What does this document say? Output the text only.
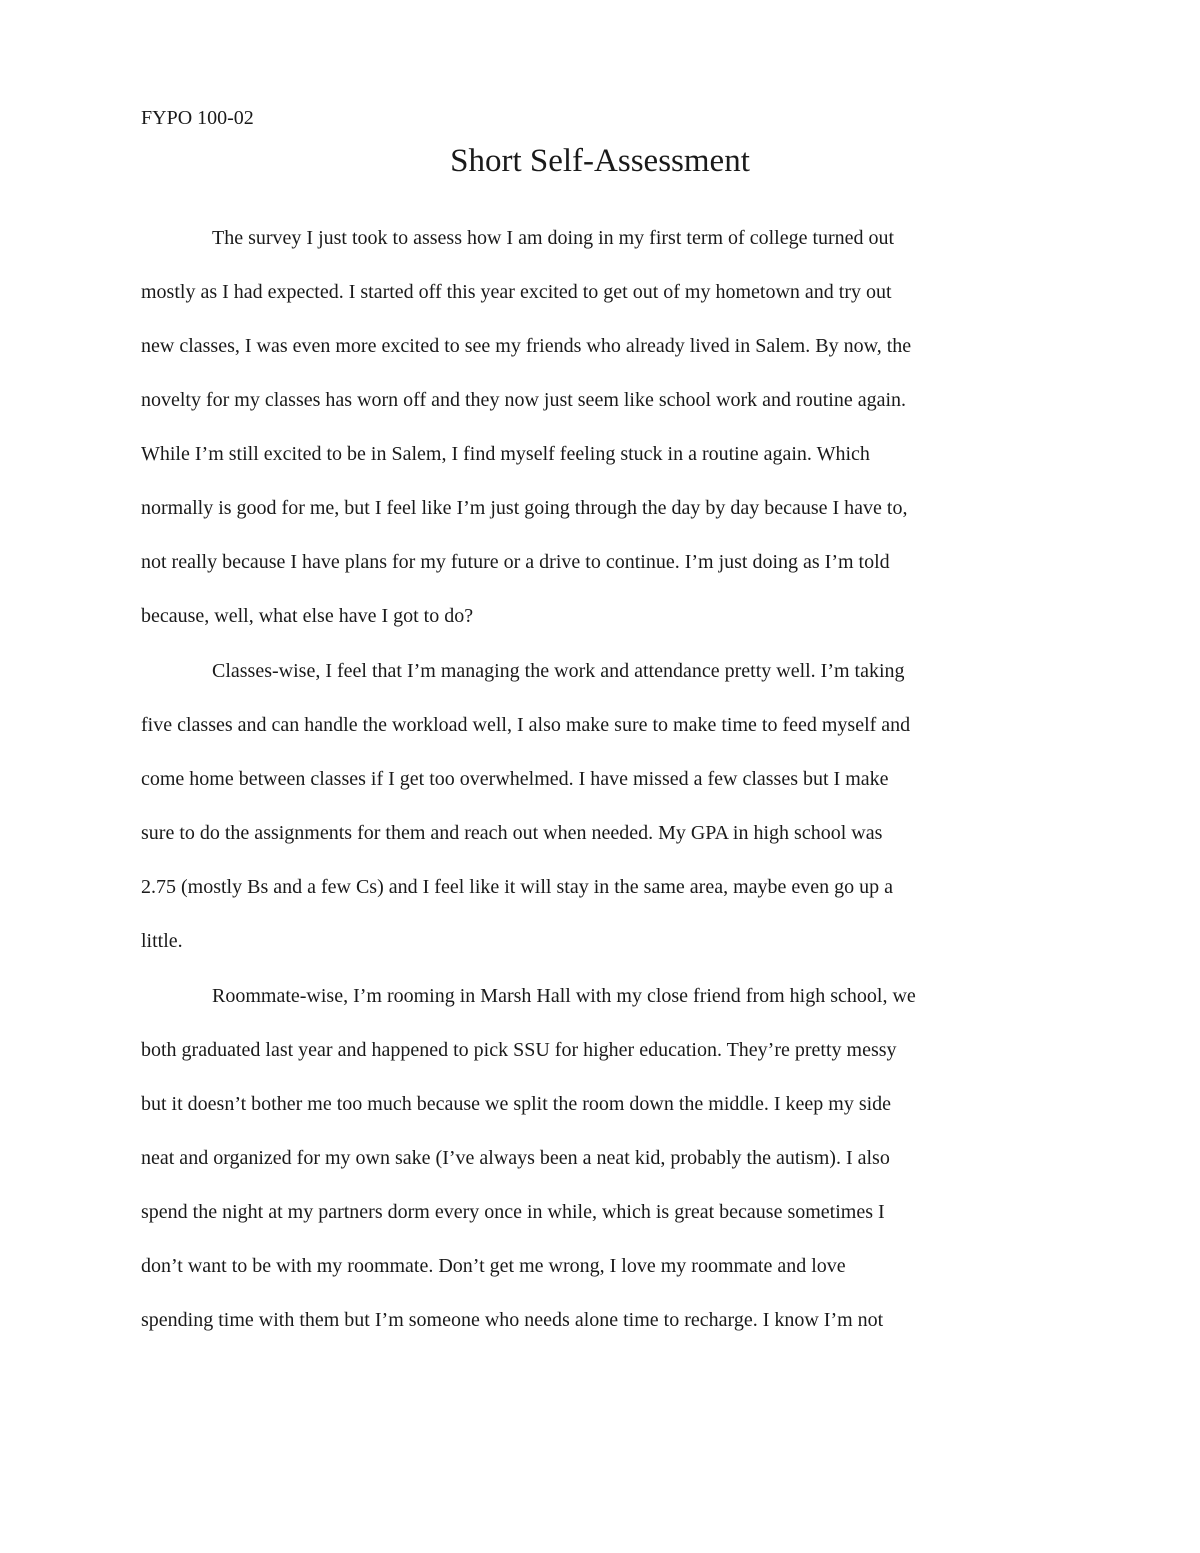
FYPO 100-02
Short Self-Assessment
The survey I just took to assess how I am doing in my first term of college turned out
mostly as I had expected. I started off this year excited to get out of my hometown and try out
new classes, I was even more excited to see my friends who already lived in Salem. By now, the
novelty for my classes has worn off and they now just seem like school work and routine again.
While I’m still excited to be in Salem, I find myself feeling stuck in a routine again. Which
normally is good for me, but I feel like I’m just going through the day by day because I have to,
not really because I have plans for my future or a drive to continue. I’m just doing as I’m told
because, well, what else have I got to do?
Classes-wise, I feel that I’m managing the work and attendance pretty well. I’m taking
five classes and can handle the workload well, I also make sure to make time to feed myself and
come home between classes if I get too overwhelmed. I have missed a few classes but I make
sure to do the assignments for them and reach out when needed. My GPA in high school was
2.75 (mostly Bs and a few Cs) and I feel like it will stay in the same area, maybe even go up a
little.
Roommate-wise, I’m rooming in Marsh Hall with my close friend from high school, we
both graduated last year and happened to pick SSU for higher education. They’re pretty messy
but it doesn’t bother me too much because we split the room down the middle. I keep my side
neat and organized for my own sake (I’ve always been a neat kid, probably the autism). I also
spend the night at my partners dorm every once in while, which is great because sometimes I
don’t want to be with my roommate. Don’t get me wrong, I love my roommate and love
spending time with them but I’m someone who needs alone time to recharge. I know I’m not
